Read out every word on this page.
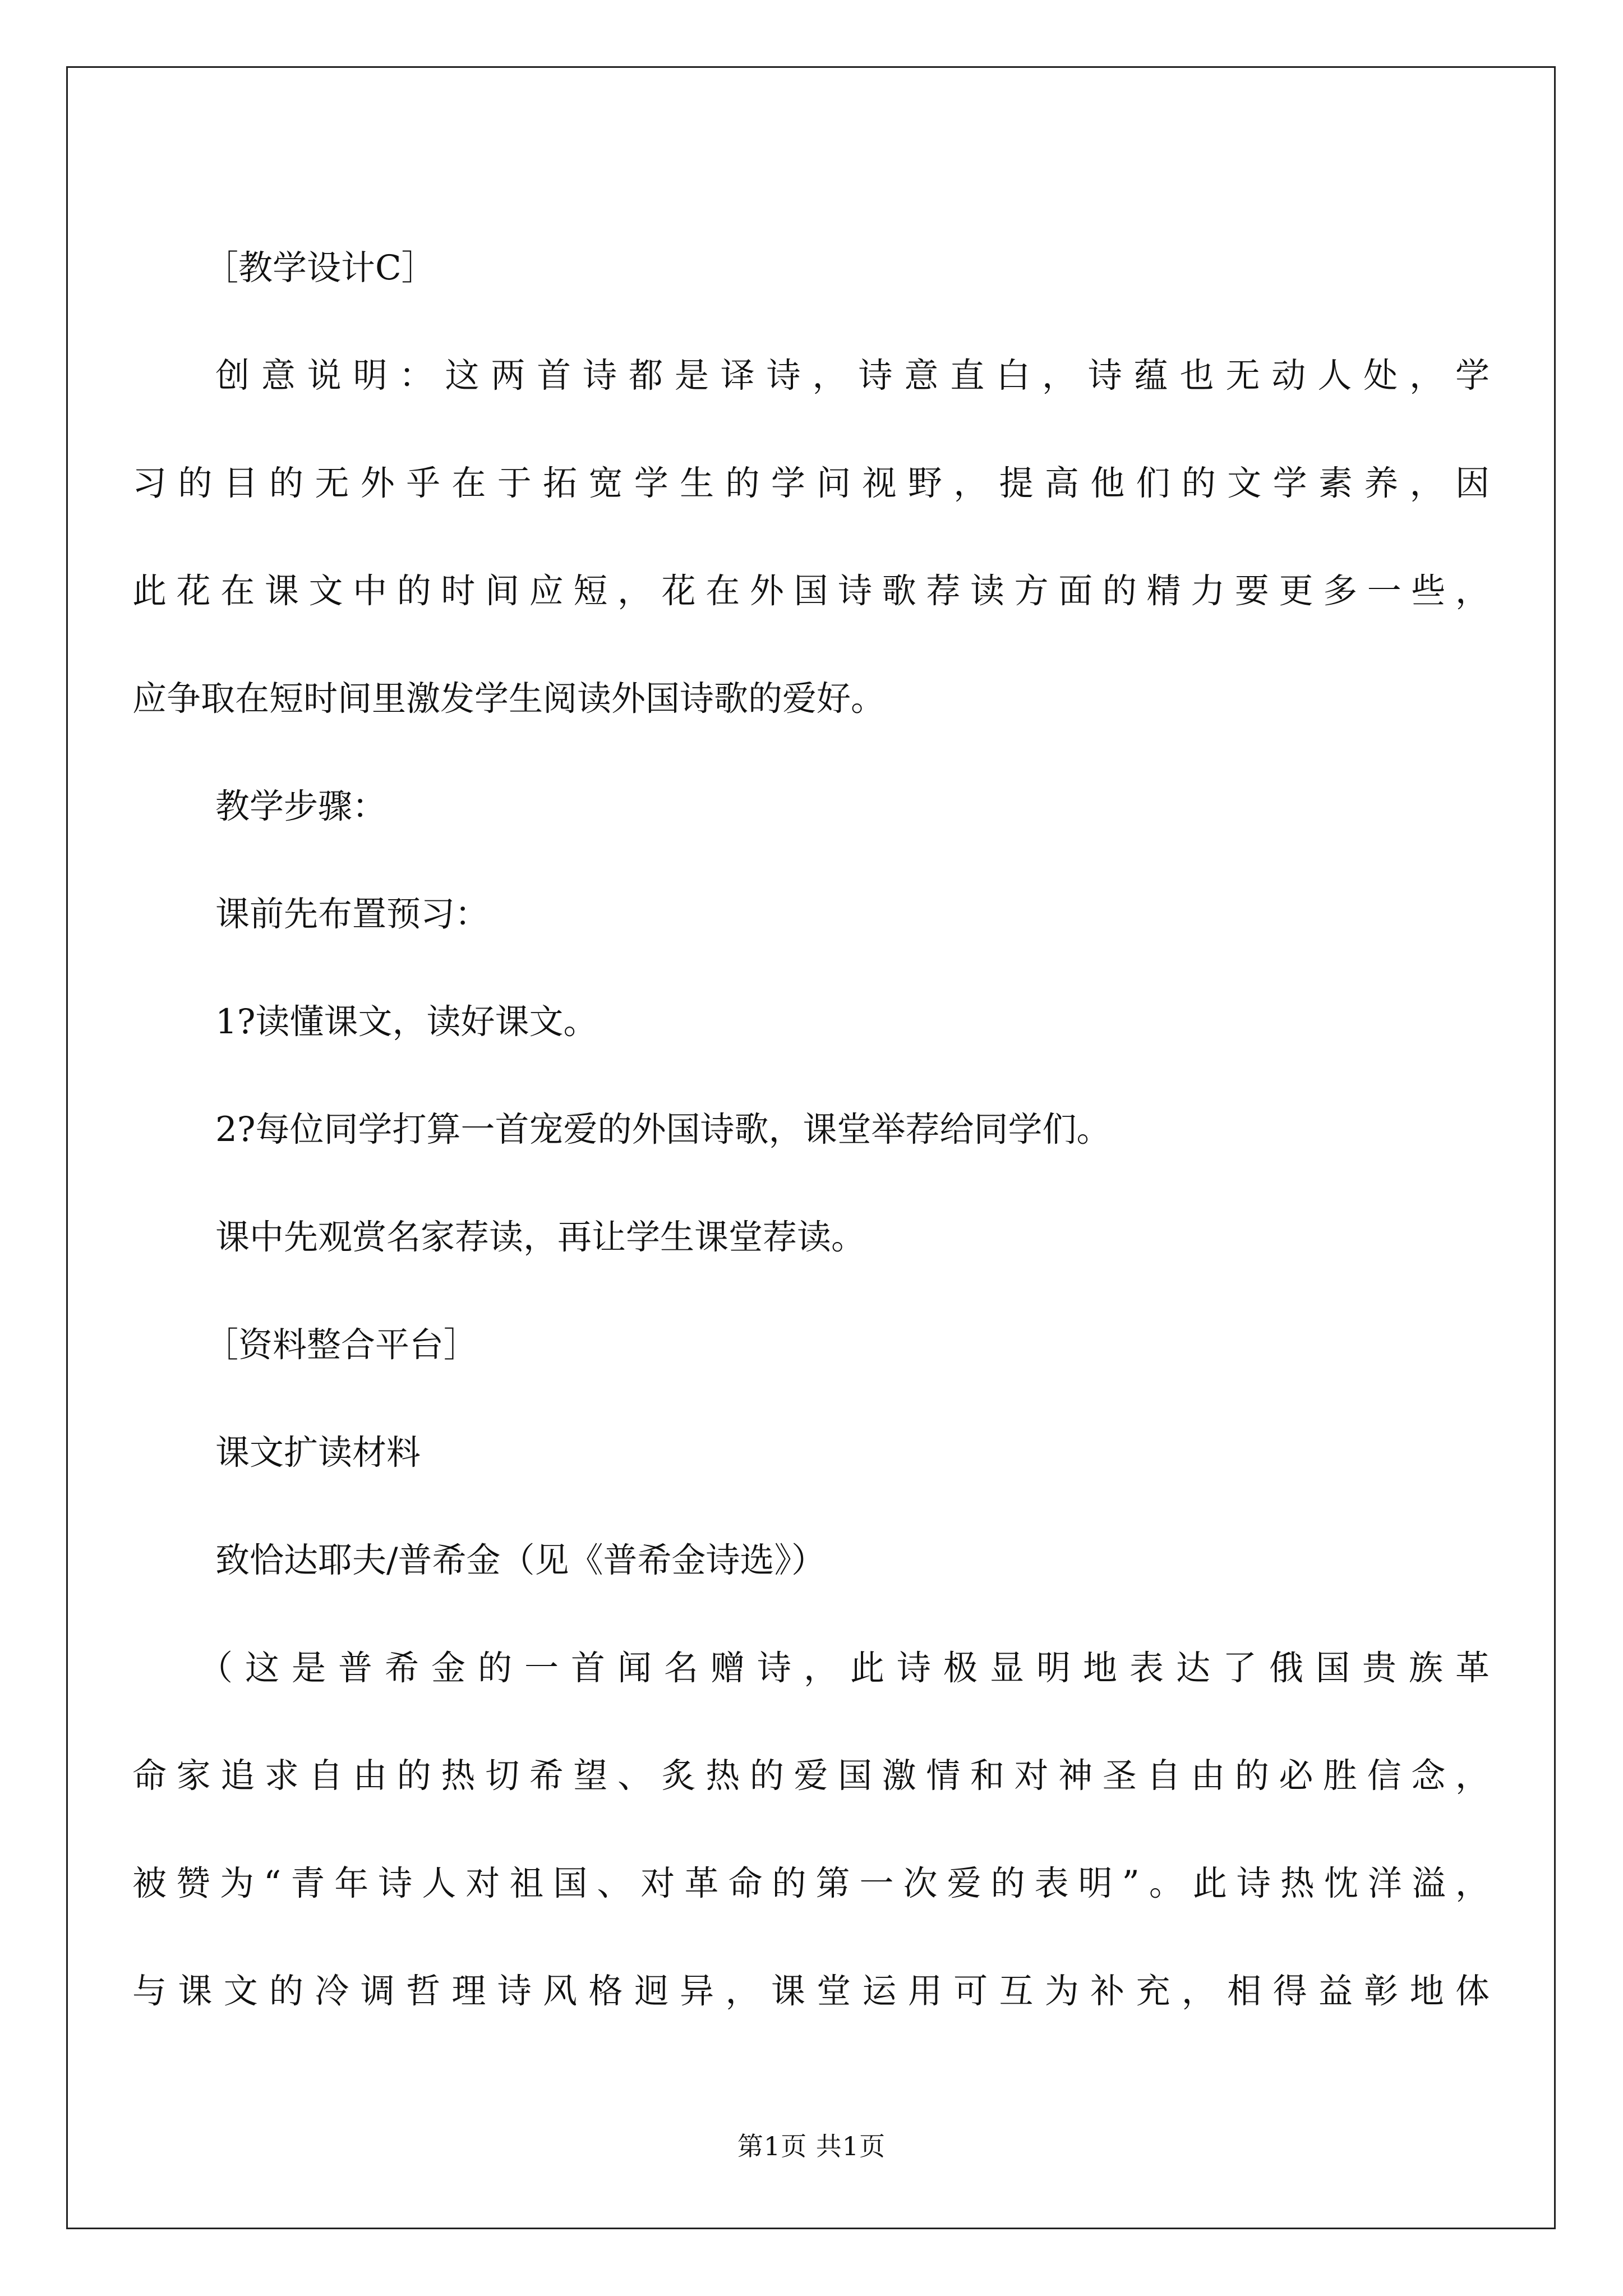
［教学设计C］

创意说明：这两首诗都是译诗，诗意直白，诗蕴也无动人处，学

习的目的无外乎在于拓宽学生的学问视野，提高他们的文学素养，因

此花在课文中的时间应短，花在外国诗歌荐读方面的精力要更多一些，

应争取在短时间里激发学生阅读外国诗歌的爱好。

教学步骤：

课前先布置预习：

1?读懂课文，读好课文。

2?每位同学打算一首宠爱的外国诗歌，课堂举荐给同学们。

课中先观赏名家荐读，再让学生课堂荐读。

［资料整合平台］

课文扩读材料

致恰达耶夫/普希金（见《普希金诗选》）

（这是普希金的一首闻名赠诗，此诗极显明地表达了俄国贵族革

命家追求自由的热切希望、炙热的爱国激情和对神圣自由的必胜信念，

被赞为“青年诗人对祖国、对革命的第一次爱的表明”。此诗热忱洋溢，

与课文的冷调哲理诗风格迥异，课堂运用可互为补充，相得益彰地体

第1页 共1页
